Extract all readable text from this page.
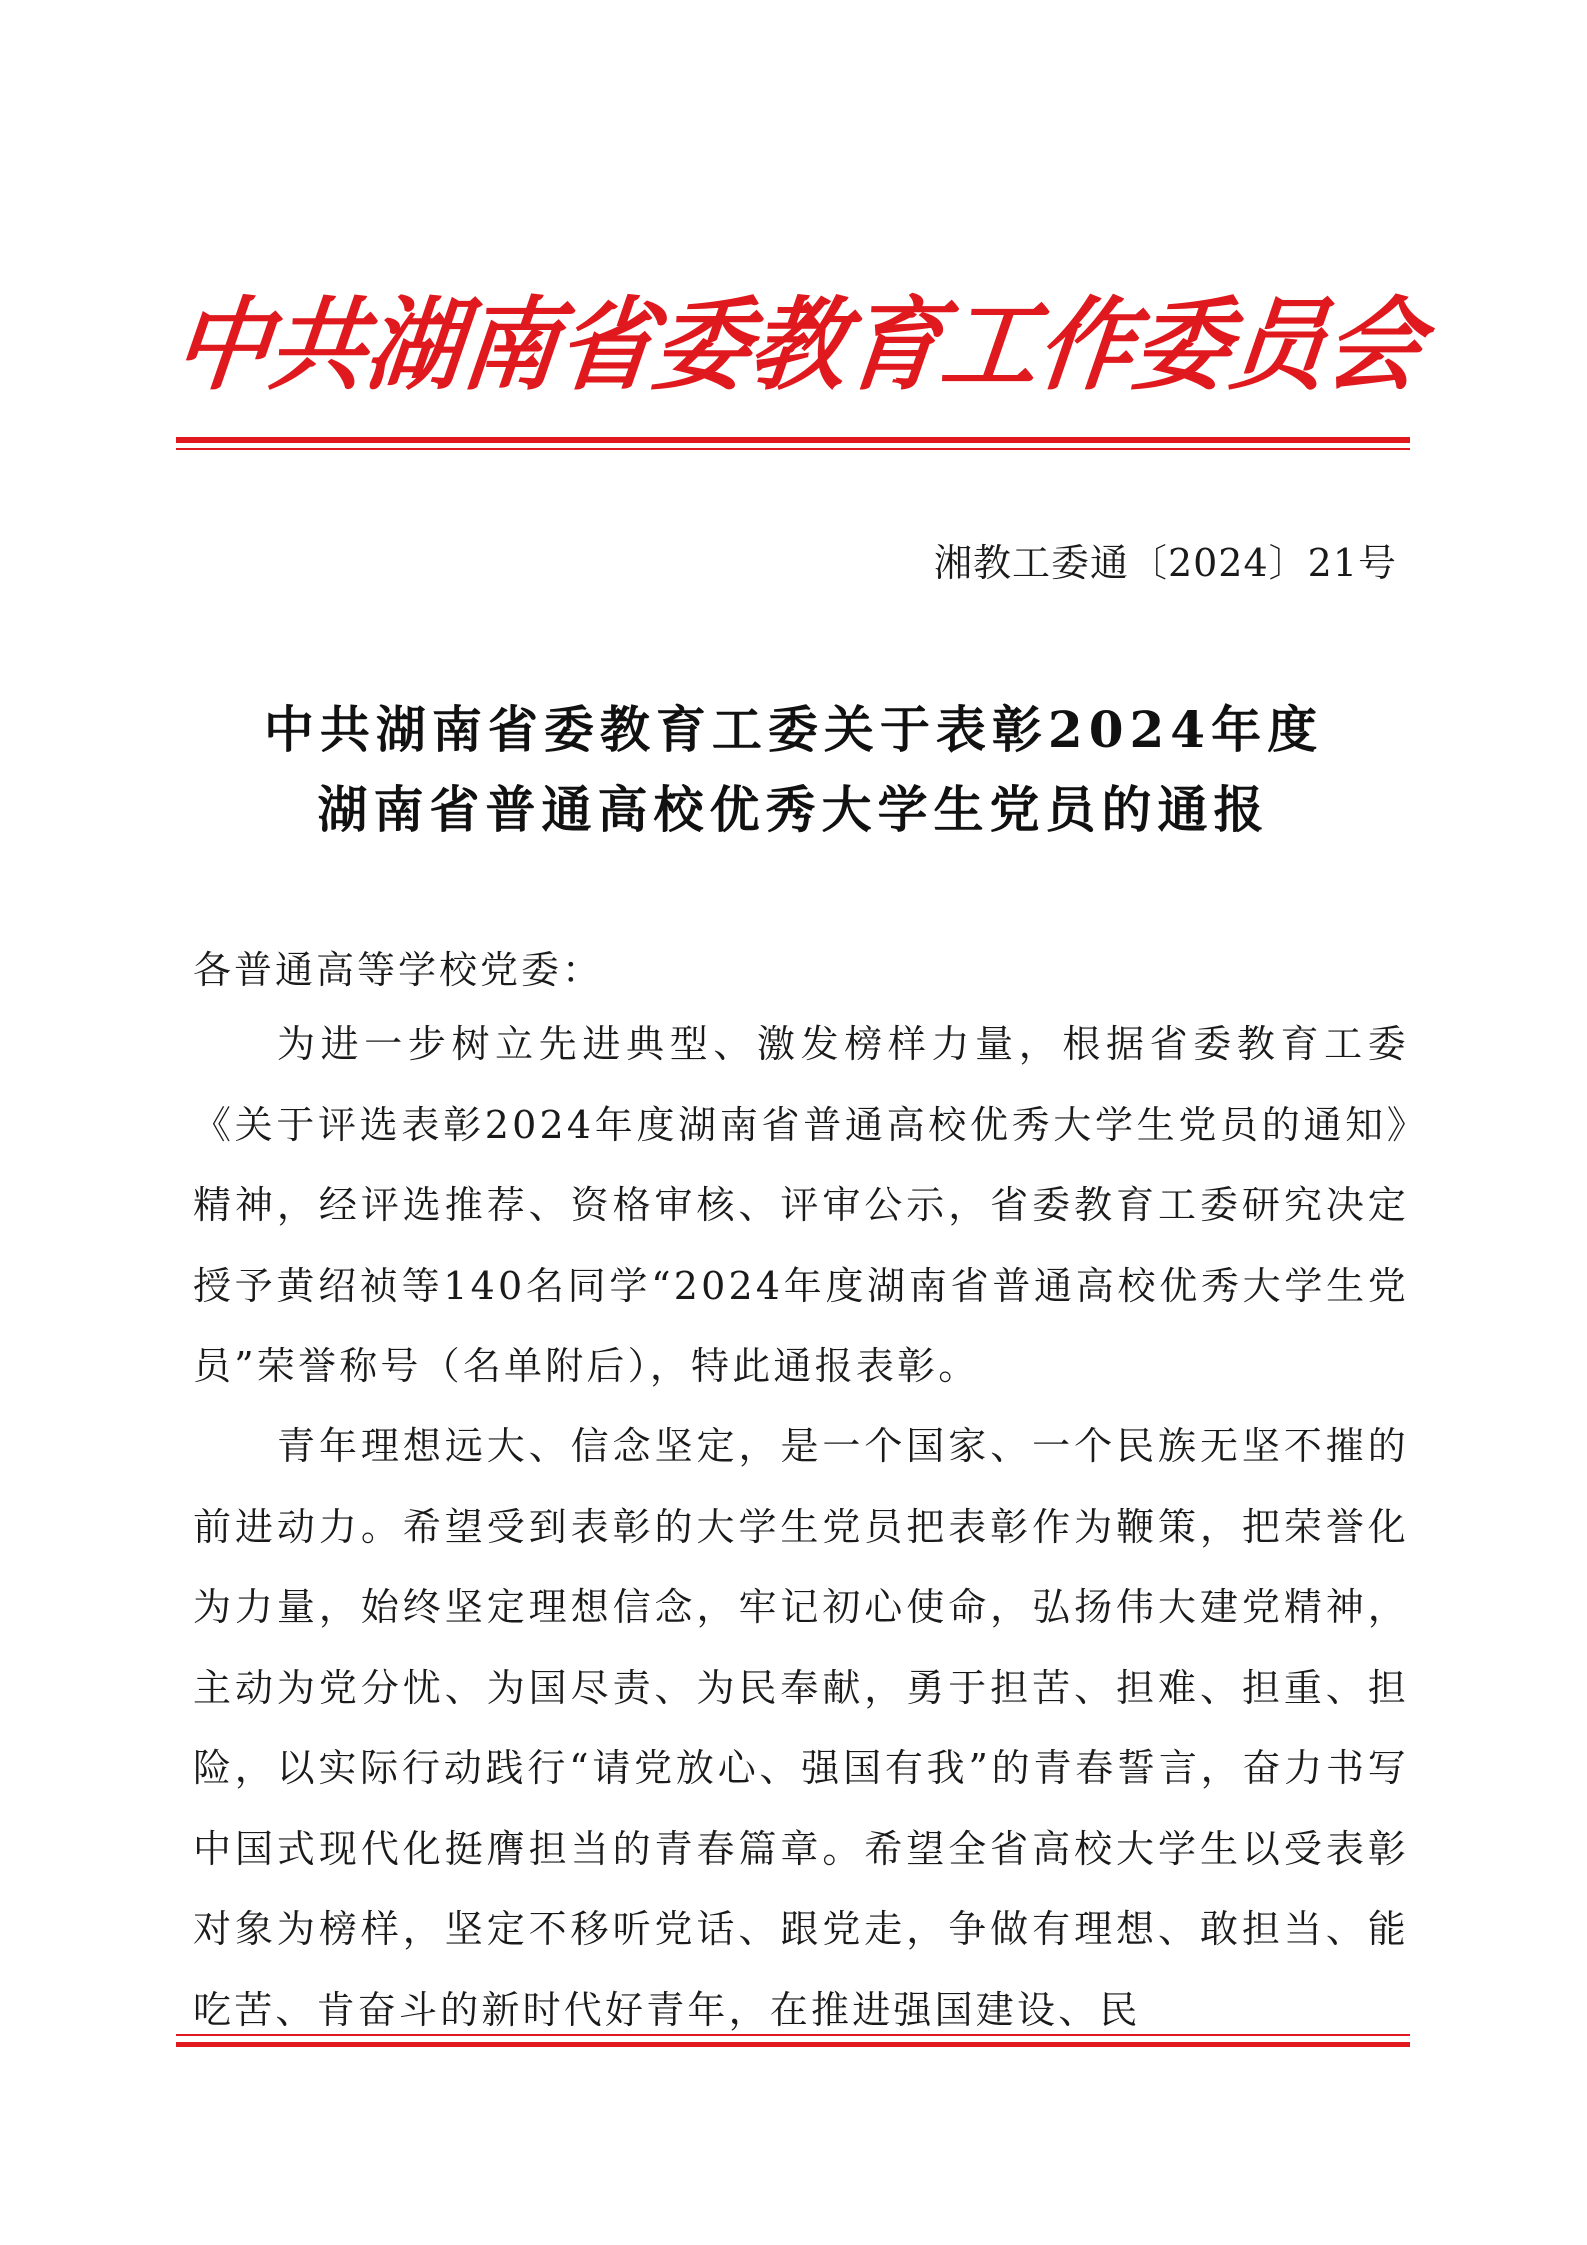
中
共
湖
南
省
委
教
育
工
作
委
员
会
湘教工委通〔2024〕21号
中共湖南省委教育工委关于表彰2024年度
湖南省普通高校优秀大学生党员的通报
各普通高等学校党委：
为进一步树立先进典型、激发榜样力量，根据省委教育工委《关于评选表彰2024年度湖南省普通高校优秀大学生党员的通知》精神，经评选推荐、资格审核、评审公示，省委教育工委研究决定授予黄绍祯等140名同学“2024年度湖南省普通高校优秀大学生党员”荣誉称号（名单附后），特此通报表彰。
青年理想远大、信念坚定，是一个国家、一个民族无坚不摧的前进动力。希望受到表彰的大学生党员把表彰作为鞭策，把荣誉化为力量，始终坚定理想信念，牢记初心使命，弘扬伟大建党精神，主动为党分忧、为国尽责、为民奉献，勇于担苦、担难、担重、担险，以实际行动践行“请党放心、强国有我”的青春誓言，奋力书写中国式现代化挺膺担当的青春篇章。希望全省高校大学生以受表彰对象为榜样，坚定不移听党话、跟党走，争做有理想、敢担当、能吃苦、肯奋斗的新时代好青年，在推进强国建设、民
